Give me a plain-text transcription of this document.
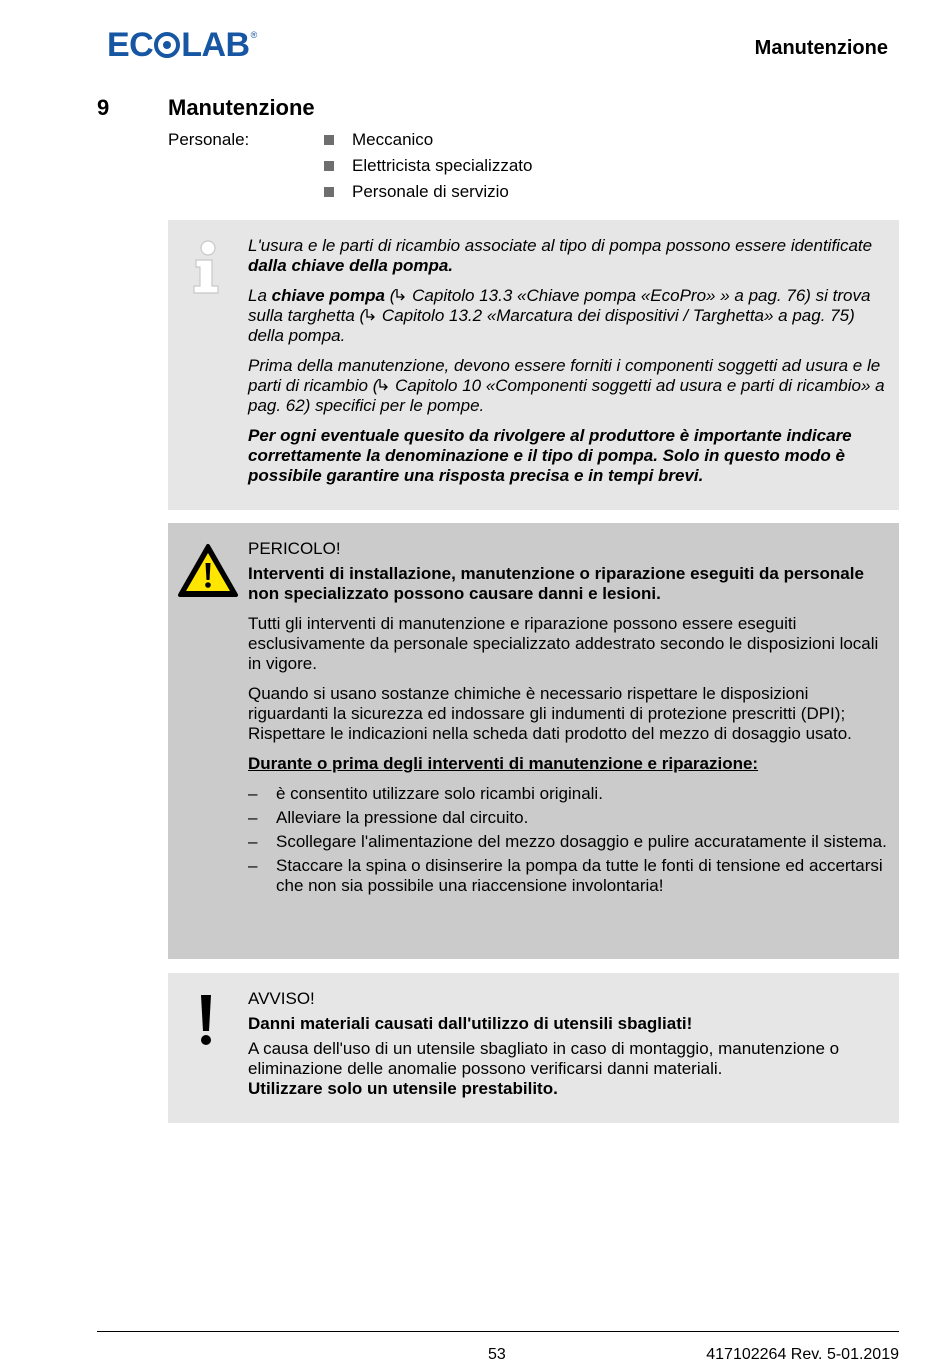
EC LAB ®
Manutenzione
9	Manutenzione
Personale:	Meccanico
Elettricista specializzato
Personale di servizio

L'usura e le parti di ricambio associate al tipo di pompa possono essere identificate dalla chiave della pompa.

La chiave pompa ( Capitolo 13.3 «Chiave pompa «EcoPro» » a pag. 76) si trova sulla targhetta ( Capitolo 13.2 «Marcatura dei dispositivi / Targhetta» a pag. 75) della pompa.

Prima della manutenzione, devono essere forniti i componenti soggetti ad usura e le parti di ricambio ( Capitolo 10 «Componenti soggetti ad usura e parti di ricambio» a pag. 62) specifici per le pompe.

Per ogni eventuale quesito da rivolgere al produttore è importante indicare correttamente la denominazione e il tipo di pompa. Solo in questo modo è possibile garantire una risposta precisa e in tempi brevi.

PERICOLO!

Interventi di installazione, manutenzione o riparazione eseguiti da personale non specializzato possono causare danni e lesioni.

Tutti gli interventi di manutenzione e riparazione possono essere eseguiti esclusivamente da personale specializzato addestrato secondo le disposizioni locali in vigore.

Quando si usano sostanze chimiche è necessario rispettare le disposizioni riguardanti la sicurezza ed indossare gli indumenti di protezione prescritti (DPI); Rispettare le indicazioni nella scheda dati prodotto del mezzo di dosaggio usato.

Durante o prima degli interventi di manutenzione e riparazione:

–	è consentito utilizzare solo ricambi originali.
–	Alleviare la pressione dal circuito.
–	Scollegare l'alimentazione del mezzo dosaggio e pulire accuratamente il sistema.
–	Staccare la spina o disinserire la pompa da tutte le fonti di tensione ed accertarsi che non sia possibile una riaccensione involontaria!

AVVISO!

Danni materiali causati dall'utilizzo di utensili sbagliati!

A causa dell'uso di un utensile sbagliato in caso di montaggio, manutenzione o eliminazione delle anomalie possono verificarsi danni materiali.
Utilizzare solo un utensile prestabilito.

53	417102264 Rev. 5-01.2019
